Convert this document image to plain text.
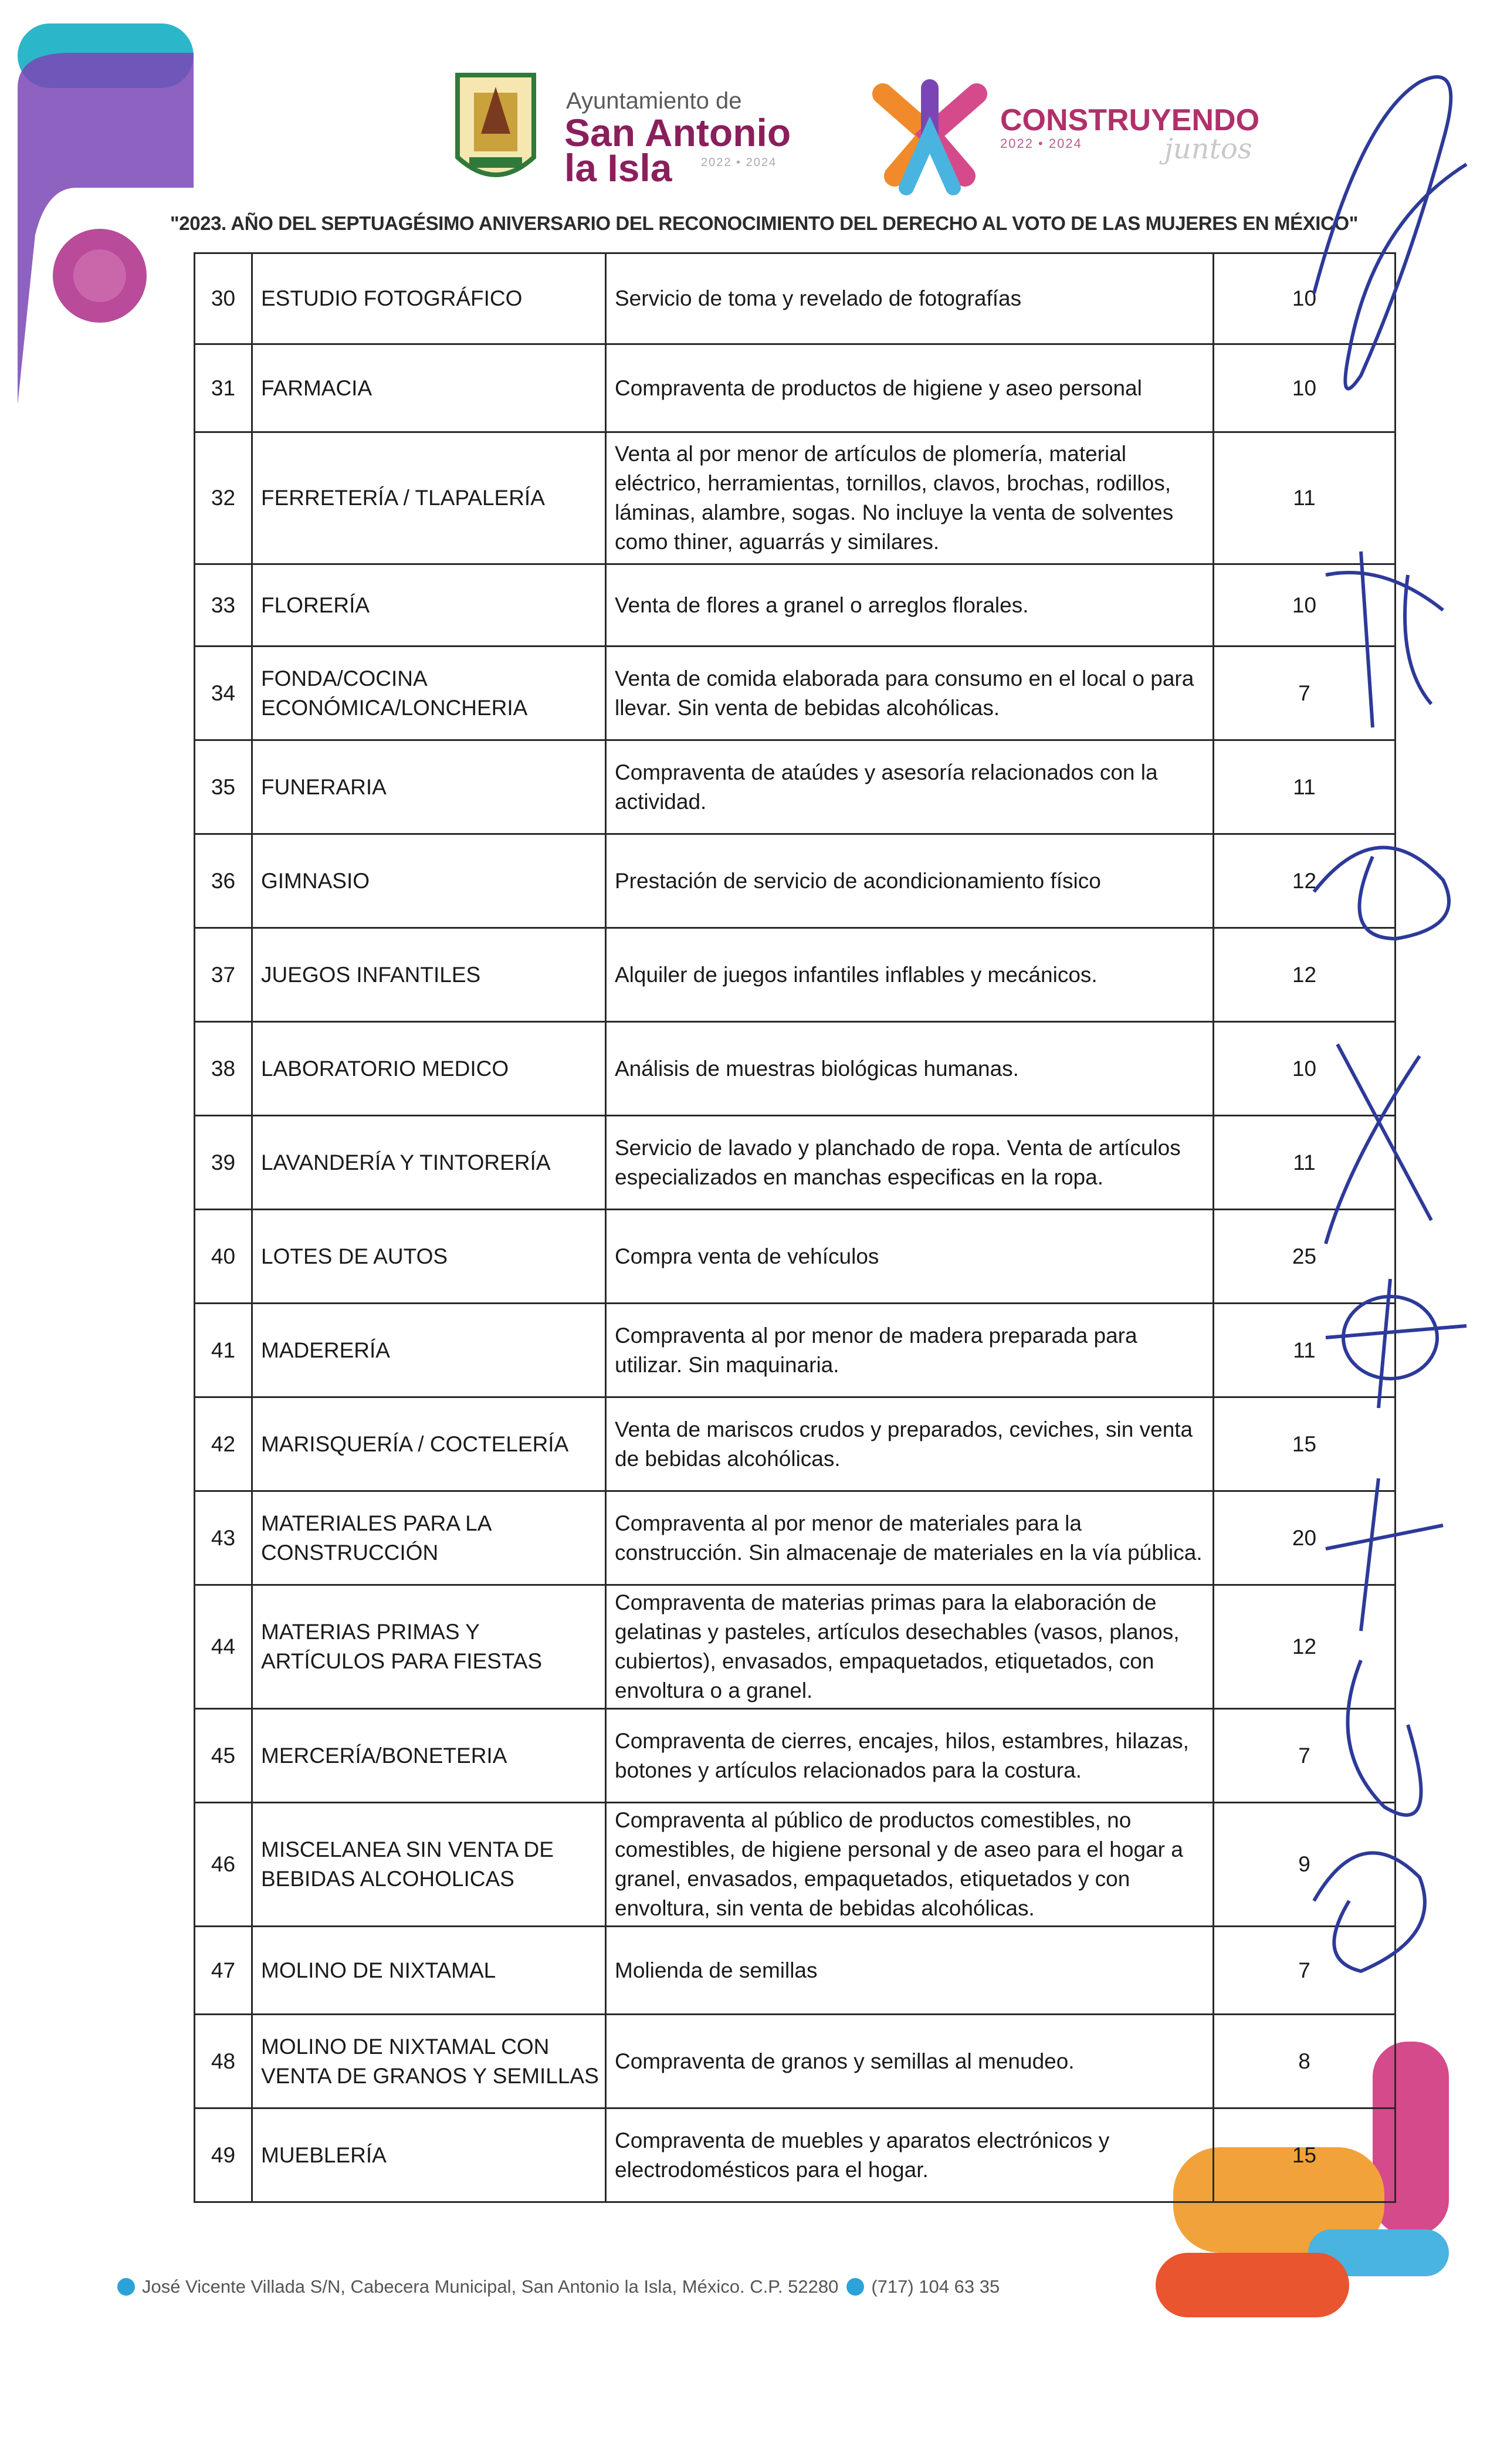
Ayuntamiento de
San Antonio
la Isla 2022 • 2024
CONSTRUYENDO
2022 • 2024	juntos
"2023. AÑO DEL SEPTUAGÉSIMO ANIVERSARIO DEL RECONOCIMIENTO DEL DERECHO AL VOTO DE LAS MUJERES EN MÉXICO"
30	ESTUDIO FOTOGRÁFICO	Servicio de toma y revelado de fotografías	10
31	FARMACIA	Compraventa de productos de higiene y aseo personal	10
32	FERRETERÍA / TLAPALERÍA	Venta al por menor de artículos de plomería, material eléctrico, herramientas, tornillos, clavos, brochas, rodillos, láminas, alambre, sogas. No incluye la venta de solventes como thiner, aguarrás y similares.	11
33	FLORERÍA	Venta de flores a granel o arreglos florales.	10
34	FONDA/COCINA ECONÓMICA/LONCHERIA	Venta de comida elaborada para consumo en el local o para llevar. Sin venta de bebidas alcohólicas.	7
35	FUNERARIA	Compraventa de ataúdes y asesoría relacionados con la actividad.	11
36	GIMNASIO	Prestación de servicio de acondicionamiento físico	12
37	JUEGOS INFANTILES	Alquiler de juegos infantiles inflables y mecánicos.	12
38	LABORATORIO MEDICO	Análisis de muestras biológicas humanas.	10
39	LAVANDERÍA Y TINTORERÍA	Servicio de lavado y planchado de ropa. Venta de artículos especializados en manchas especificas en la ropa.	11
40	LOTES DE AUTOS	Compra venta de vehículos	25
41	MADERERÍA	Compraventa al por menor de madera preparada para utilizar. Sin maquinaria.	11
42	MARISQUERÍA / COCTELERÍA	Venta de mariscos crudos y preparados, ceviches, sin venta de bebidas alcohólicas.	15
43	MATERIALES PARA LA CONSTRUCCIÓN	Compraventa al por menor de materiales para la construcción. Sin almacenaje de materiales en la vía pública.	20
44	MATERIAS PRIMAS Y ARTÍCULOS PARA FIESTAS	Compraventa de materias primas para la elaboración de gelatinas y pasteles, artículos desechables (vasos, planos, cubiertos), envasados, empaquetados, etiquetados, con envoltura o a granel.	12
45	MERCERÍA/BONETERIA	Compraventa de cierres, encajes, hilos, estambres, hilazas, botones y artículos relacionados para la costura.	7
46	MISCELANEA SIN VENTA DE BEBIDAS ALCOHOLICAS	Compraventa al público de productos comestibles, no comestibles, de higiene personal y de aseo para el hogar a granel, envasados, empaquetados, etiquetados y con envoltura, sin venta de bebidas alcohólicas.	9
47	MOLINO DE NIXTAMAL	Molienda de semillas	7
48	MOLINO DE NIXTAMAL CON VENTA DE GRANOS Y SEMILLAS	Compraventa de granos y semillas al menudeo.	8
49	MUEBLERÍA	Compraventa de muebles y aparatos electrónicos y electrodomésticos para el hogar.	15
José Vicente Villada S/N, Cabecera Municipal, San Antonio la Isla, México. C.P. 52280 (717) 104 63 35
